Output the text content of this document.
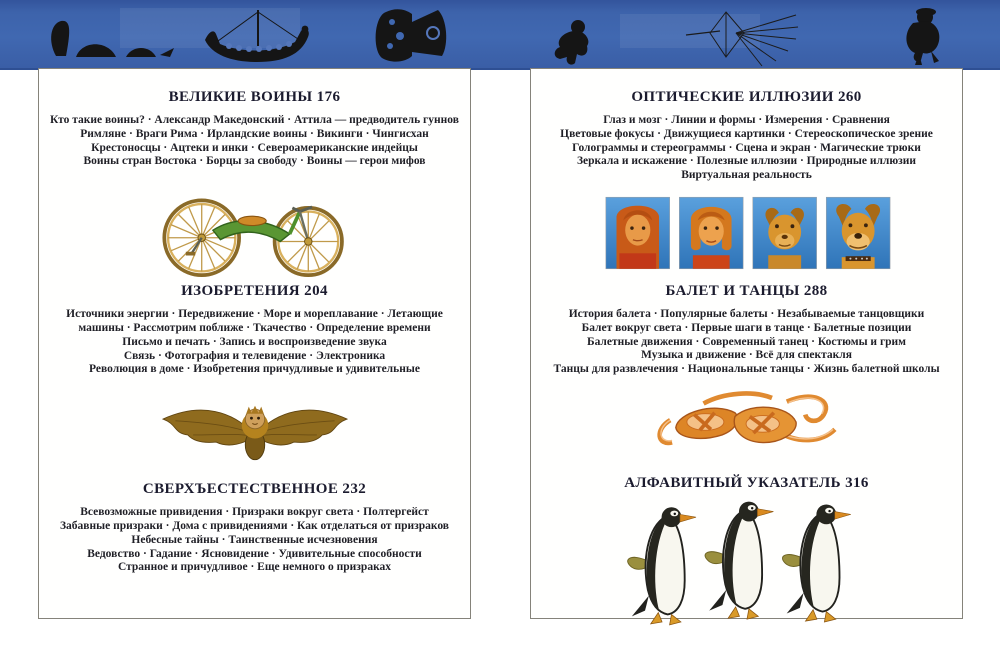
ВЕЛИКИЕ ВОИНЫ 176
Кто такие воины? · Александр Македонский · Аттила — предводитель гуннов
Римляне · Враги Рима · Ирландские воины · Викинги · Чингисхан
Крестоносцы · Ацтеки и инки · Североамериканские индейцы
Воины стран Востока · Борцы за свободу · Воины — герои мифов
ИЗОБРЕТЕНИЯ 204
Источники энергии · Передвижение · Море и мореплавание · Летающие
машины · Рассмотрим поближе · Ткачество · Определение времени
Письмо и печать · Запись и воспроизведение звука
Связь · Фотография и телевидение · Электроника
Революция в доме · Изобретения причудливые и удивительные
СВЕРХЪЕСТЕСТВЕННОЕ 232
Всевозможные привидения · Призраки вокруг света · Полтергейст
Забавные призраки · Дома с привидениями · Как отделаться от призраков
Небесные тайны · Таинственные исчезновения
Ведовство · Гадание · Ясновидение · Удивительные способности
Странное и причудливое · Еще немного о призраках
ОПТИЧЕСКИЕ ИЛЛЮЗИИ 260
Глаз и мозг · Линии и формы · Измерения · Сравнения
Цветовые фокусы · Движущиеся картинки · Стереоскопическое зрение
Голограммы и стереограммы · Сцена и экран · Магические трюки
Зеркала и искажение · Полезные иллюзии · Природные иллюзии
Виртуальная реальность
БАЛЕТ И ТАНЦЫ 288
История балета · Популярные балеты · Незабываемые танцовщики
Балет вокруг света · Первые шаги в танце · Балетные позиции
Балетные движения · Современный танец · Костюмы и грим
Музыка и движение · Всё для спектакля
Танцы для развлечения · Национальные танцы · Жизнь балетной школы
АЛФАВИТНЫЙ УКАЗАТЕЛЬ 316
